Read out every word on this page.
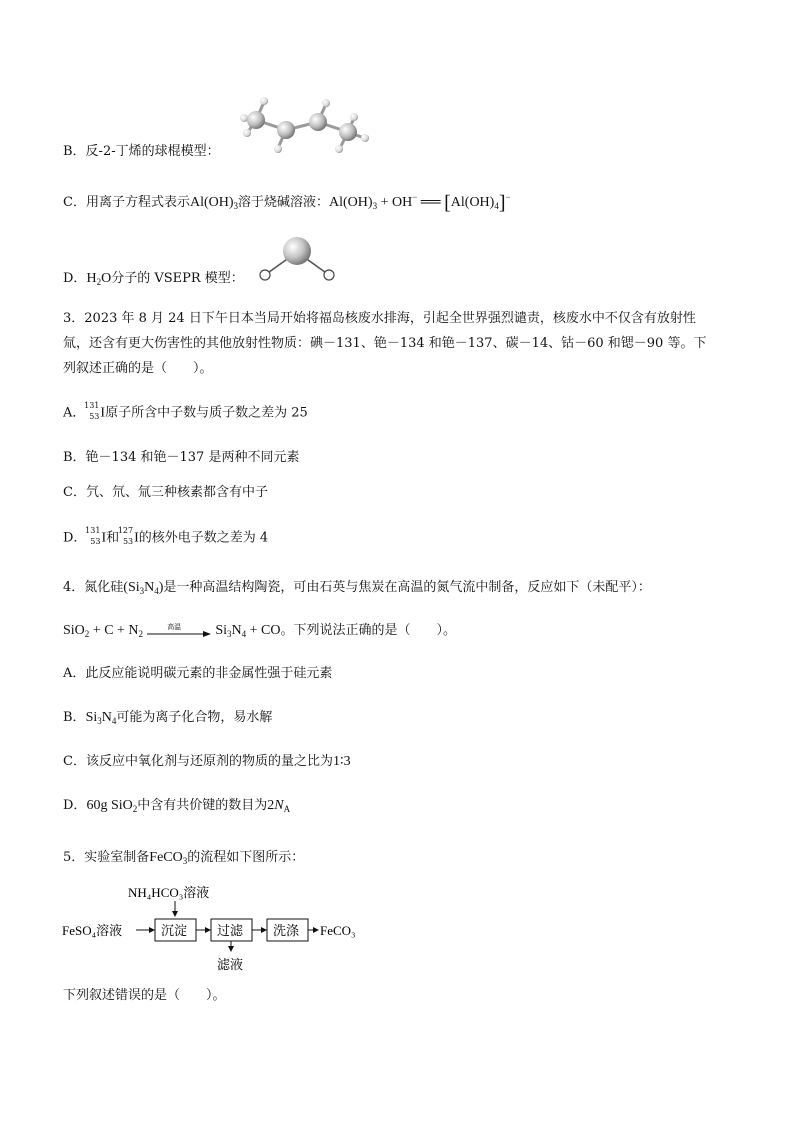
B．反-2-丁烯的球棍模型：
C．用离子方程式表示$Al(OH)_3$溶于烧碱溶液：$Al(OH)_3 + OH^-$ ══ $[Al(OH)_4]^-$
D．$H_2O$分子的 VSEPR 模型：
3．2023 年 8 月 24 日下午日本当局开始将福岛核废水排海，引起全世界强烈谴责，核废水中不仅含有放射性
氚，还含有更大伤害性的其他放射性物质：碘－131、铯－134 和铯－137、碳－14、钴－60 和锶－90 等。下
列叙述正确的是（　　）。
A．
131
53 I原子所含中子数与质子数之差为 25
B．铯－134 和铯－137 是两种不同元素
C．氕、氘、氚三种核素都含有中子
D．
131
53 I和
127
53 I的核外电子数之差为 4
4．氮化硅$(Si_3N_4)$是一种高温结构陶瓷，可由石英与焦炭在高温的氮气流中制备，反应如下（未配平）：
$SiO_2 + C + N_2$
高温 $Si_3N_4$ + CO。下列说法正确的是（　　）。
A．此反应能说明碳元素的非金属性强于硅元素
B．$Si_3N_4$可能为离子化合物，易水解
C．该反应中氧化剂与还原剂的物质的量之比为1∶3
D．60g SiO$_2$中含有共价键的数目为$2N_A$
5．实验室制备FeCO$_3$的流程如下图所示：
NH₄HCO₃溶液
FeSO₄溶液	沉淀 过滤
滤液
洗涤 FeCO₃
下列叙述错误的是（　　）。
